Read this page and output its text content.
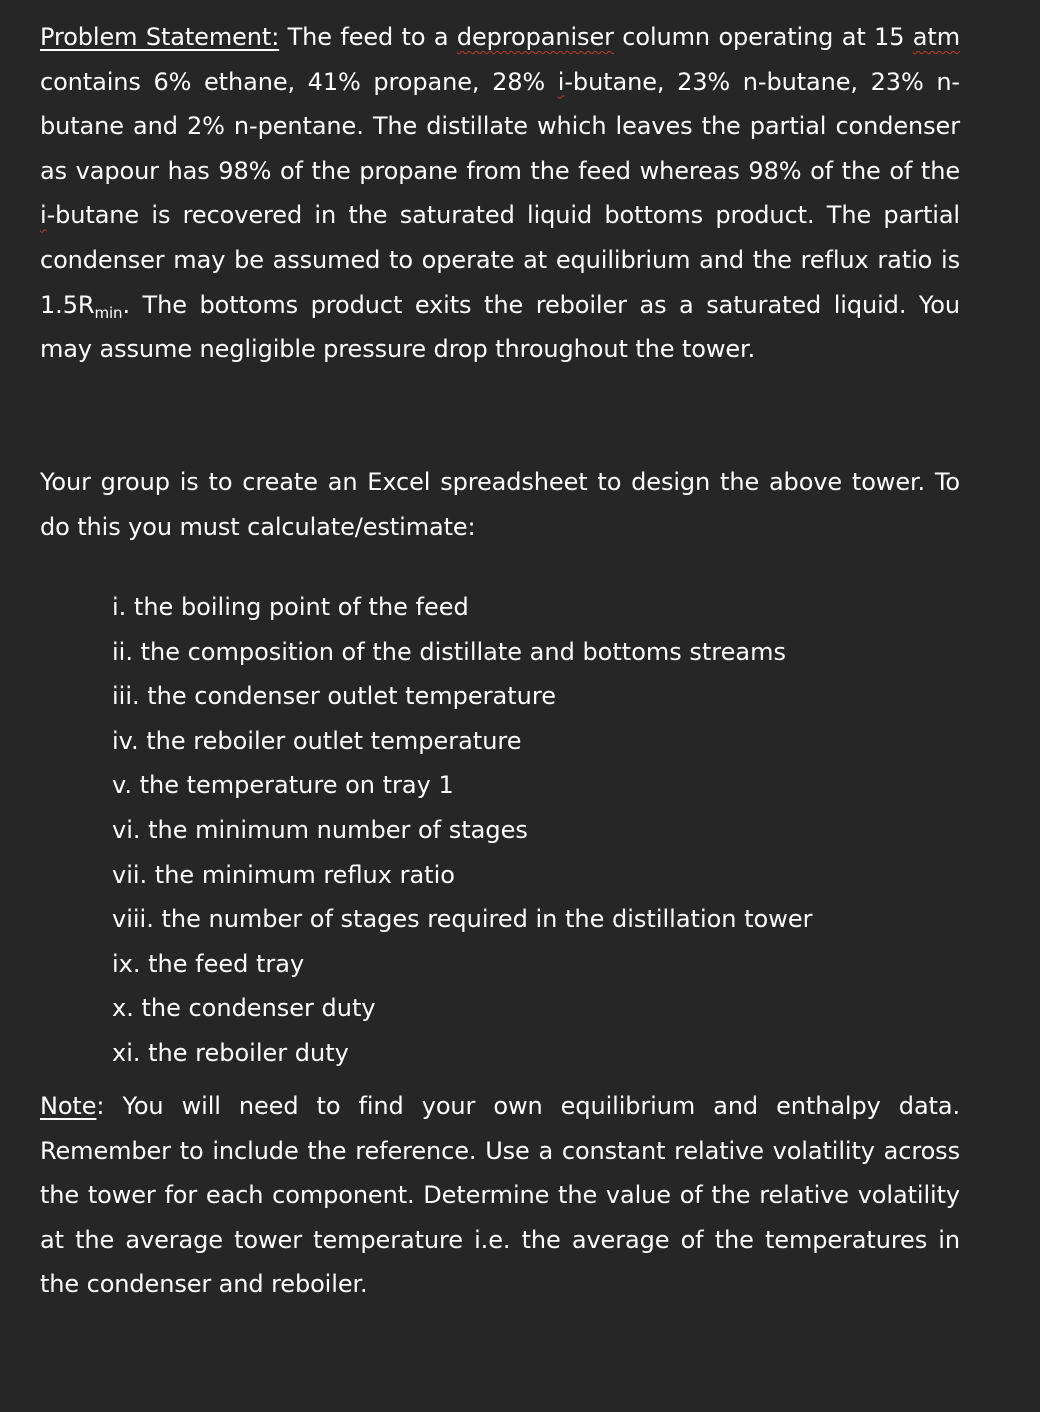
Problem Statement: The feed to a depropaniser column operating at 15 atm contains 6% ethane, 41% propane, 28% i-butane, 23% n-butane, 23% n-butane and 2% n-pentane. The distillate which leaves the partial condenser as vapour has 98% of the propane from the feed whereas 98% of the of the i-butane is recovered in the saturated liquid bottoms product. The partial condenser may be assumed to operate at equilibrium and the reflux ratio is $1.5R_{min}$. The bottoms product exits the reboiler as a saturated liquid. You may assume negligible pressure drop throughout the tower.

Your group is to create an Excel spreadsheet to design the above tower. To do this you must calculate/estimate:

i. the boiling point of the feed
ii. the composition of the distillate and bottoms streams
iii. the condenser outlet temperature
iv. the reboiler outlet temperature
v. the temperature on tray 1
vi. the minimum number of stages
vii. the minimum reflux ratio
viii. the number of stages required in the distillation tower
ix. the feed tray
x. the condenser duty
xi. the reboiler duty

Note: You will need to find your own equilibrium and enthalpy data. Remember to include the reference. Use a constant relative volatility across the tower for each component. Determine the value of the relative volatility at the average tower temperature i.e. the average of the temperatures in the condenser and reboiler.
